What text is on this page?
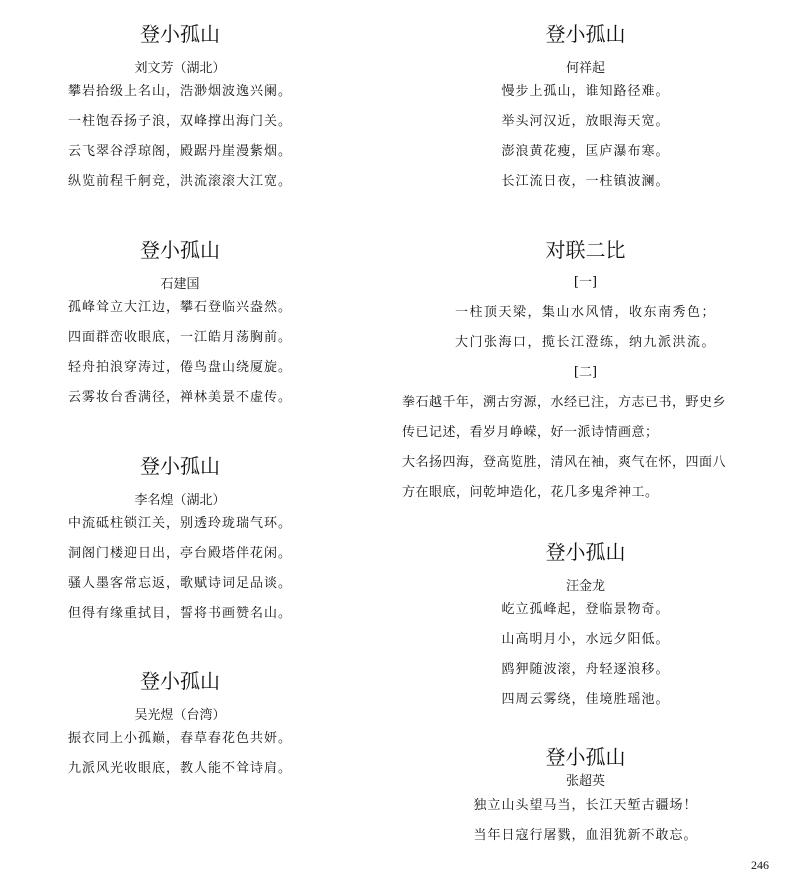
登小孤山
刘文芳（湖北）
攀岩拾级上名山，浩渺烟波逸兴阑。
一柱饱吞扬子浪，双峰撑出海门关。
云飞翠谷浮琼阁，殿踞丹崖漫紫烟。
纵览前程千舸竞，洪流滚滚大江宽。
登小孤山
石建国
孤峰耸立大江边，攀石登临兴盎然。
四面群峦收眼底，一江皓月荡胸前。
轻舟拍浪穿涛过，倦鸟盘山绕厦旋。
云雾妆台香满径，禅林美景不虚传。
登小孤山
李名煌（湖北）
中流砥柱锁江关，别透玲珑瑞气环。
洞阁门楼迎日出，亭台殿塔伴花闲。
骚人墨客常忘返，歌赋诗词足品谈。
但得有缘重拭目，誓将书画赞名山。
登小孤山
吴光煜（台湾）
振衣同上小孤巅，春草春花色共妍。
九派风光收眼底，教人能不耸诗肩。
登小孤山
何祥起
慢步上孤山，谁知路径难。
举头河汉近，放眼海天宽。
澎浪黄花瘦，匡庐瀑布寒。
长江流日夜，一柱镇波澜。
对联二比
[一]
一柱顶天梁，集山水风情，收东南秀色；
大门张海口，揽长江澄练，纳九派洪流。
[二]
拳石越千年，溯古穷源，水经已注，方志已书，野史乡
传已记述，看岁月峥嵘，好一派诗情画意；
大名扬四海，登高览胜，清风在袖，爽气在怀，四面八
方在眼底，问乾坤造化，花几多鬼斧神工。
登小孤山
汪金龙
屹立孤峰起，登临景物奇。
山高明月小，水远夕阳低。
鸥狎随波滚，舟轻逐浪移。
四周云雾绕，佳境胜瑶池。
登小孤山
张超英
独立山头望马当，长江天堑古疆场！
当年日寇行屠戮，血泪犹新不敢忘。
246
